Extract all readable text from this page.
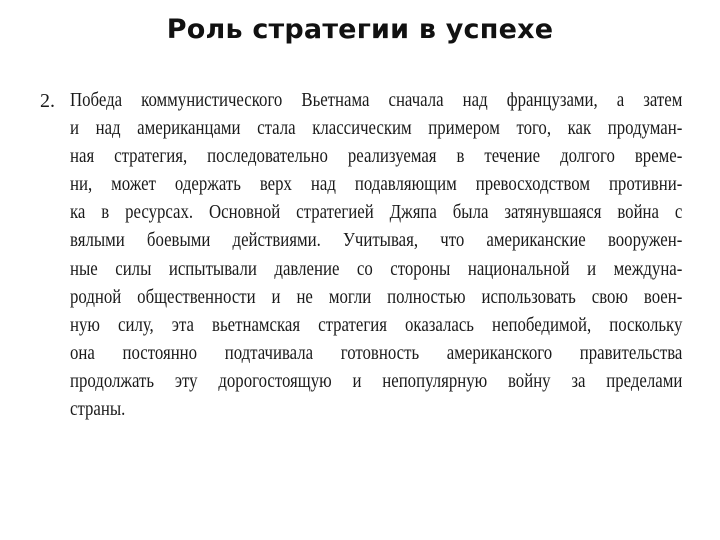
Роль стратегии в успехе
2. Победа коммунистического Вьетнама сначала над французами, а затем
и над американцами стала классическим примером того, как продуман-
ная стратегия, последовательно реализуемая в течение долгого време-
ни, может одержать верх над подавляющим превосходством противни-
ка в ресурсах. Основной стратегией Джяпа была затянувшаяся война с
вялыми боевыми действиями. Учитывая, что американские вооружен-
ные силы испытывали давление со стороны национальной и междуна-
родной общественности и не могли полностью использовать свою воен-
ную силу, эта вьетнамская стратегия оказалась непобедимой, поскольку
она постоянно подтачивала готовность американского правительства
продолжать эту дорогостоящую и непопулярную войну за пределами
страны.
